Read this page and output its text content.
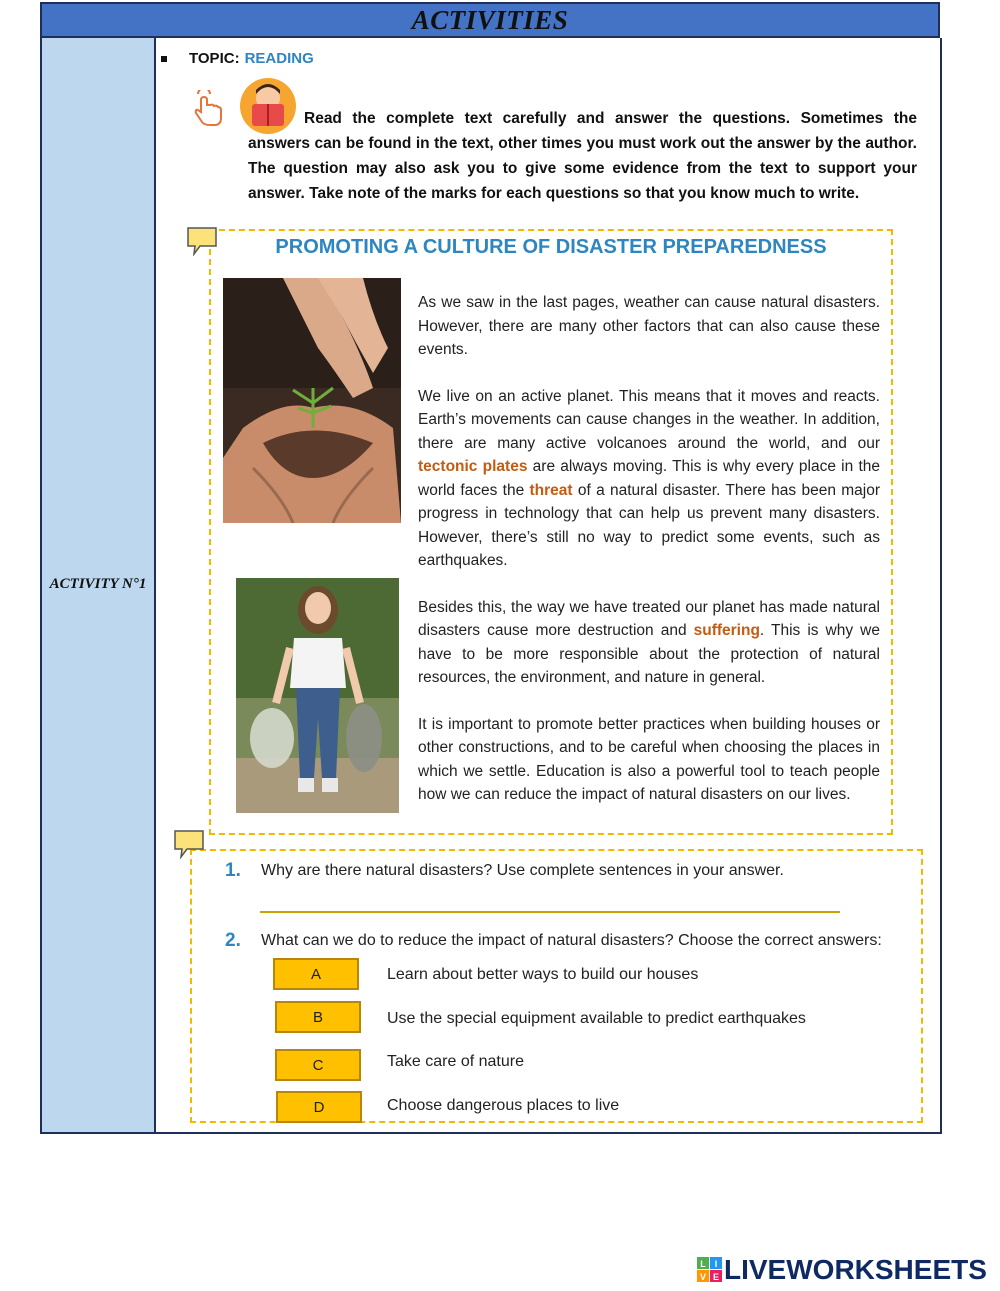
ACTIVITIES
ACTIVITY N°1
TOPIC: READING

Read the complete text carefully and answer the questions. Sometimes the answers can be found in the text, other times you must work out the answer by the author. The question may also ask you to give some evidence from the text to support your answer. Take note of the marks for each questions so that you know much to write.

PROMOTING A CULTURE OF DISASTER PREPAREDNESS

As we saw in the last pages, weather can cause natural disasters. However, there are many other factors that can also cause these events.

We live on an active planet. This means that it moves and reacts. Earth’s movements can cause changes in the weather. In addition, there are many active volcanoes around the world, and our tectonic plates are always moving. This is why every place in the world faces the threat of a natural disaster. There has been major progress in technology that can help us prevent many disasters. However, there’s still no way to predict some events, such as earthquakes.

Besides this, the way we have treated our planet has made natural disasters cause more destruction and suffering. This is why we have to be more responsible about the protection of natural resources, the environment, and nature in general.

It is important to promote better practices when building houses or other constructions, and to be careful when choosing the places in which we settle. Education is also a powerful tool to teach people how we can reduce the impact of natural disasters on our lives.

1. Why are there natural disasters? Use complete sentences in your answer.
2. What can we do to reduce the impact of natural disasters? Choose the correct answers:
A	Learn about better ways to build our houses
B	Use the special equipment available to predict earthquakes
C	Take care of nature
D	Choose dangerous places to live
L I
V E LIVEWORKSHEETS
